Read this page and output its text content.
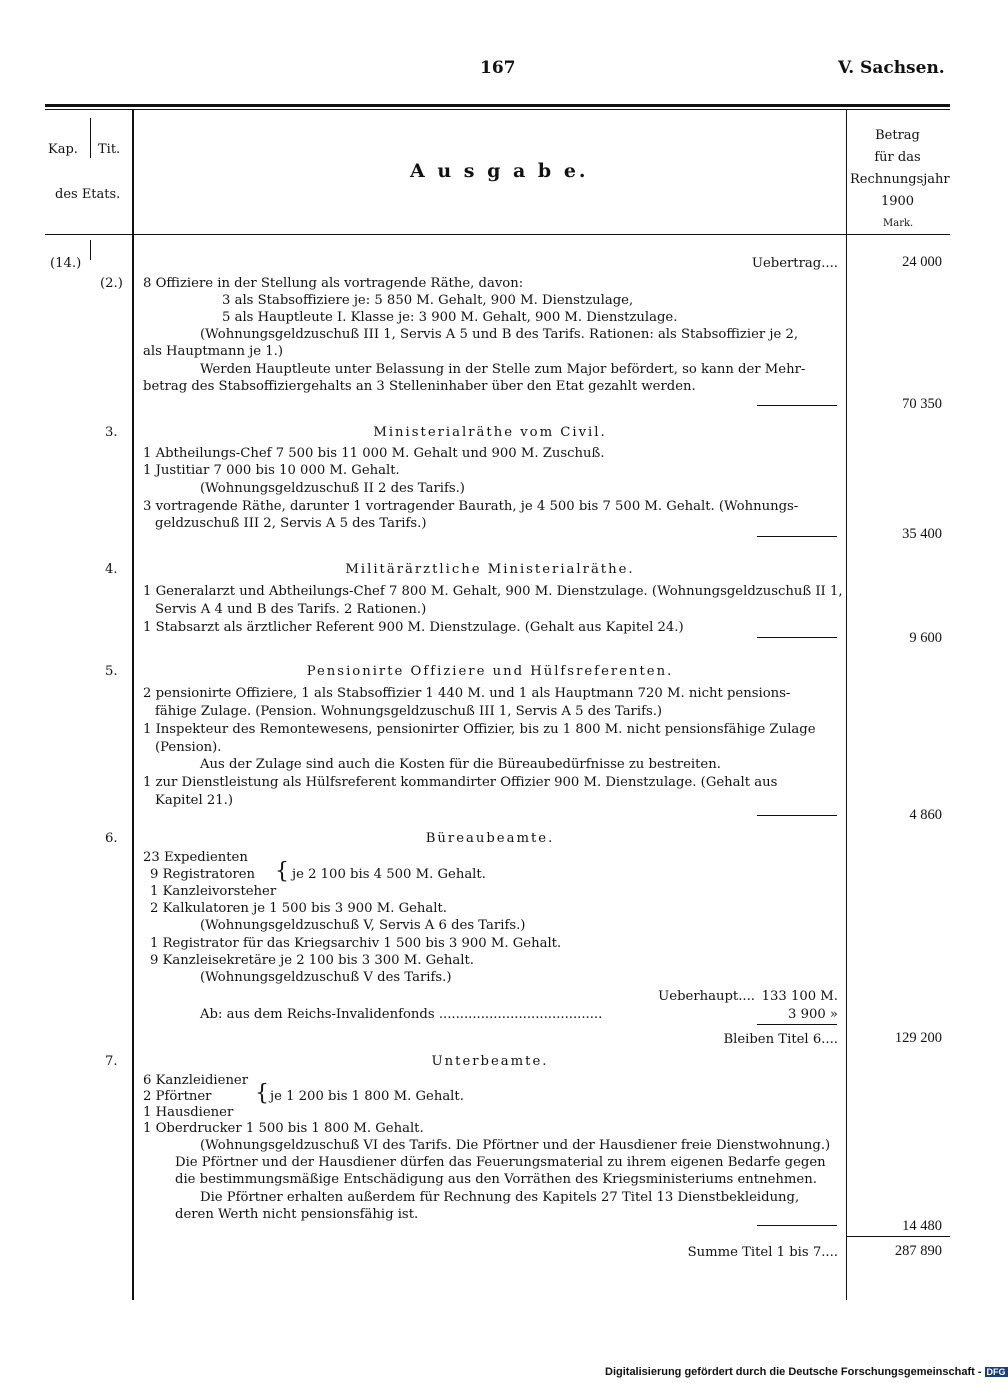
167	V. Sachsen.
Kap. Tit.
des Etats.
A u s g a b e.
Betrag
für das
Rechnungsjahr
1900
Mark.
(14.)	Uebertrag....	24 000
(2.) 8 Offiziere in der Stellung als vortragende Räthe, davon:
3 als Stabsoffiziere je: 5 850 M. Gehalt, 900 M. Dienstzulage,
5 als Hauptleute I. Klasse je: 3 900 M. Gehalt, 900 M. Dienstzulage.
(Wohnungsgeldzuschuß III 1, Servis A 5 und B des Tarifs. Rationen: als Stabsoffizier je 2,
als Hauptmann je 1.)
Werden Hauptleute unter Belassung in der Stelle zum Major befördert, so kann der Mehr-
betrag des Stabsoffiziergehalts an 3 Stelleninhaber über den Etat gezahlt werden.
70 350
3.	Ministerialräthe vom Civil.
1 Abtheilungs-Chef 7 500 bis 11 000 M. Gehalt und 900 M. Zuschuß.
1 Justitiar 7 000 bis 10 000 M. Gehalt.
(Wohnungsgeldzuschuß II 2 des Tarifs.)
3 vortragende Räthe, darunter 1 vortragender Baurath, je 4 500 bis 7 500 M. Gehalt. (Wohnungs-
geldzuschuß III 2, Servis A 5 des Tarifs.)
35 400
4.	Militärärztliche Ministerialräthe.
1 Generalarzt und Abtheilungs-Chef 7 800 M. Gehalt, 900 M. Dienstzulage. (Wohnungsgeldzuschuß II 1,
Servis A 4 und B des Tarifs. 2 Rationen.)
1 Stabsarzt als ärztlicher Referent 900 M. Dienstzulage. (Gehalt aus Kapitel 24.)
9 600
5.	Pensionirte Offiziere und Hülfsreferenten.
2 pensionirte Offiziere, 1 als Stabsoffizier 1 440 M. und 1 als Hauptmann 720 M. nicht pensions-
fähige Zulage. (Pension. Wohnungsgeldzuschuß III 1, Servis A 5 des Tarifs.)
1 Inspekteur des Remontewesens, pensionirter Offizier, bis zu 1 800 M. nicht pensionsfähige Zulage
(Pension).
Aus der Zulage sind auch die Kosten für die Büreaubedürfnisse zu bestreiten.
1 zur Dienstleistung als Hülfsreferent kommandirter Offizier 900 M. Dienstzulage. (Gehalt aus
Kapitel 21.)
4 860
6.	Büreaubeamte.
23 Expedienten
9 Registratoren
1 Kanzleivorsteher
{ je 2 100 bis 4 500 M. Gehalt.
2 Kalkulatoren je 1 500 bis 3 900 M. Gehalt.
(Wohnungsgeldzuschuß V, Servis A 6 des Tarifs.)
1 Registrator für das Kriegsarchiv 1 500 bis 3 900 M. Gehalt.
9 Kanzleisekretäre je 2 100 bis 3 300 M. Gehalt.
(Wohnungsgeldzuschuß V des Tarifs.)
Ueberhaupt.... 133 100 M.
Ab: aus dem Reichs-Invalidenfonds .......................................	3 900 »
Bleiben Titel 6....	129 200
7.	Unterbeamte.
6 Kanzleidiener
2 Pförtner
1 Hausdiener
{ je 1 200 bis 1 800 M. Gehalt.
1 Oberdrucker 1 500 bis 1 800 M. Gehalt.
(Wohnungsgeldzuschuß VI des Tarifs. Die Pförtner und der Hausdiener freie Dienstwohnung.)
Die Pförtner und der Hausdiener dürfen das Feuerungsmaterial zu ihrem eigenen Bedarfe gegen
die bestimmungsmäßige Entschädigung aus den Vorräthen des Kriegsministeriums entnehmen.
Die Pförtner erhalten außerdem für Rechnung des Kapitels 27 Titel 13 Dienstbekleidung,
deren Werth nicht pensionsfähig ist.
14 480
Summe Titel 1 bis 7....	287 890
Digitalisierung gefördert durch die Deutsche Forschungsgemeinschaft - DFG
